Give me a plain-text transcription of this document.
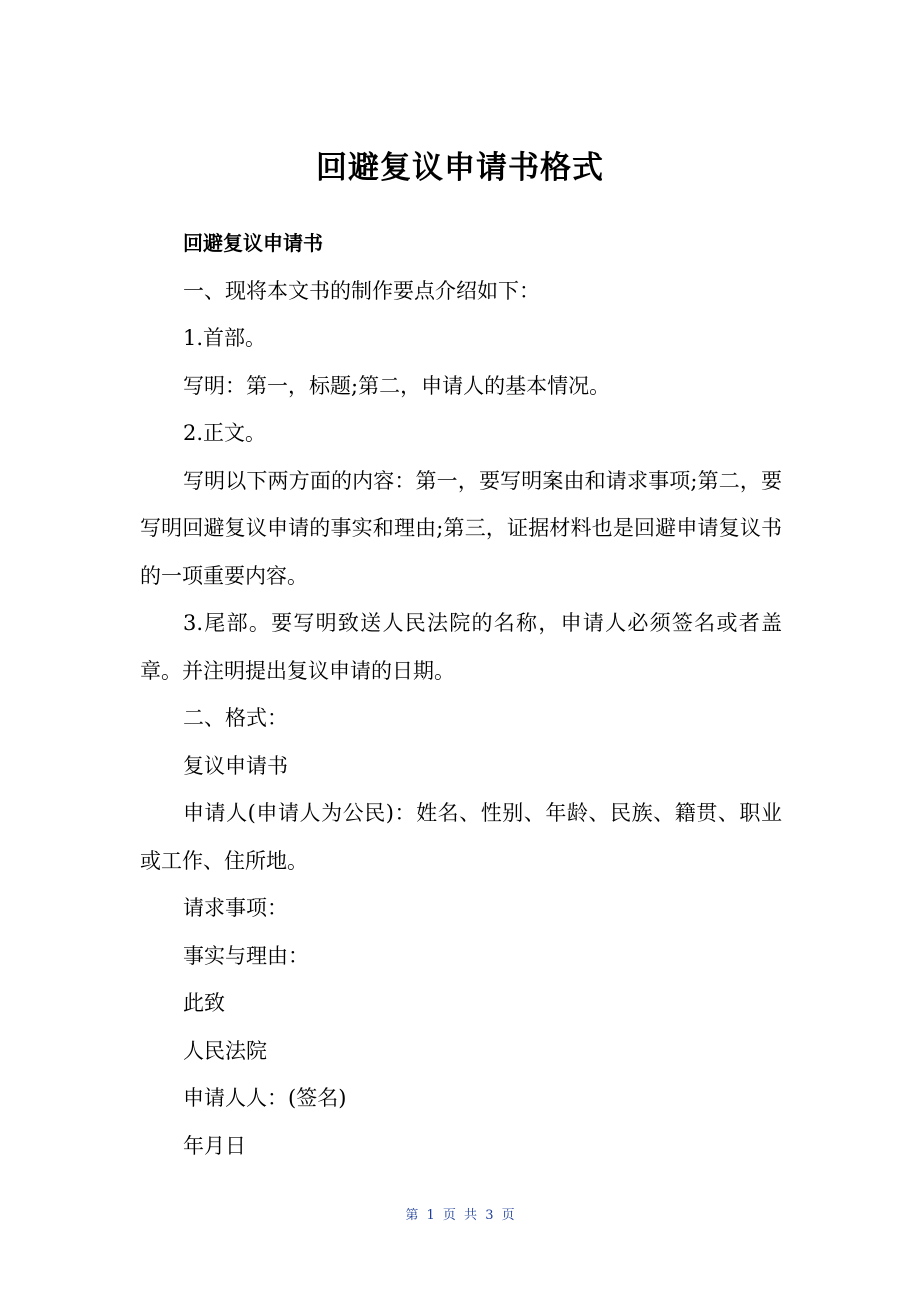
回避复议申请书格式

回避复议申请书

一、现将本文书的制作要点介绍如下：

1.首部。

写明：第一，标题;第二，申请人的基本情况。

2.正文。

写明以下两方面的内容：第一，要写明案由和请求事项;第二，要写明回避复议申请的事实和理由;第三，证据材料也是回避申请复议书的一项重要内容。

3.尾部。要写明致送人民法院的名称，申请人必须签名或者盖章。并注明提出复议申请的日期。

二、格式：

复议申请书

申请人(申请人为公民)：姓名、性别、年龄、民族、籍贯、职业或工作、住所地。

请求事项：

事实与理由：

此致

人民法院

申请人人：(签名)

年月日

第 1 页 共 3 页
